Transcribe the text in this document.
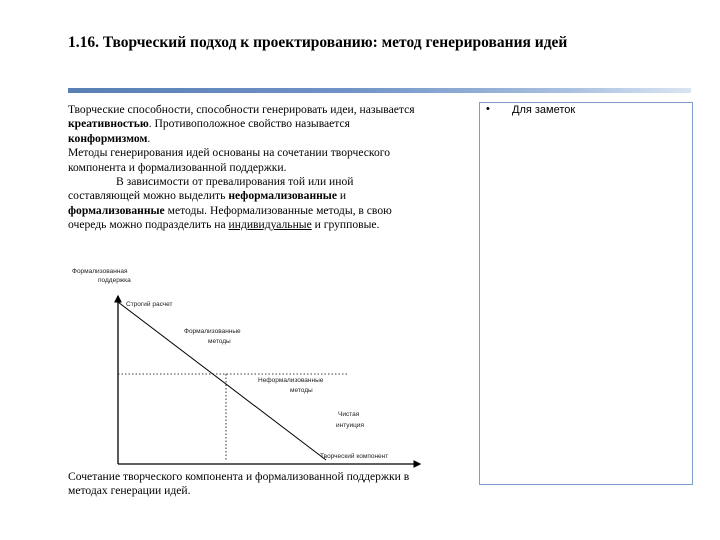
1.16. Творческий подход к проектированию: метод генерирования идей

Творческие способности, способности генерировать идеи, называется креативностью. Противоположное свойство называется конформизмом.

Методы генерирования идей основаны на сочетании творческого компонента и формализованной поддержки.

В зависимости от превалирования той или иной составляющей можно выделить неформализованные и формализованные методы. Неформализованные методы, в свою очередь можно подразделить на индивидуальные и групповые.

Формализованная
поддержка
Строгий расчет
Формализованные
методы
Неформализованные
методы
Чистая
интуиция
Творческий компонент
Сочетание творческого компонента и формализованной поддержки в методах генерации идей.
• Для заметок
